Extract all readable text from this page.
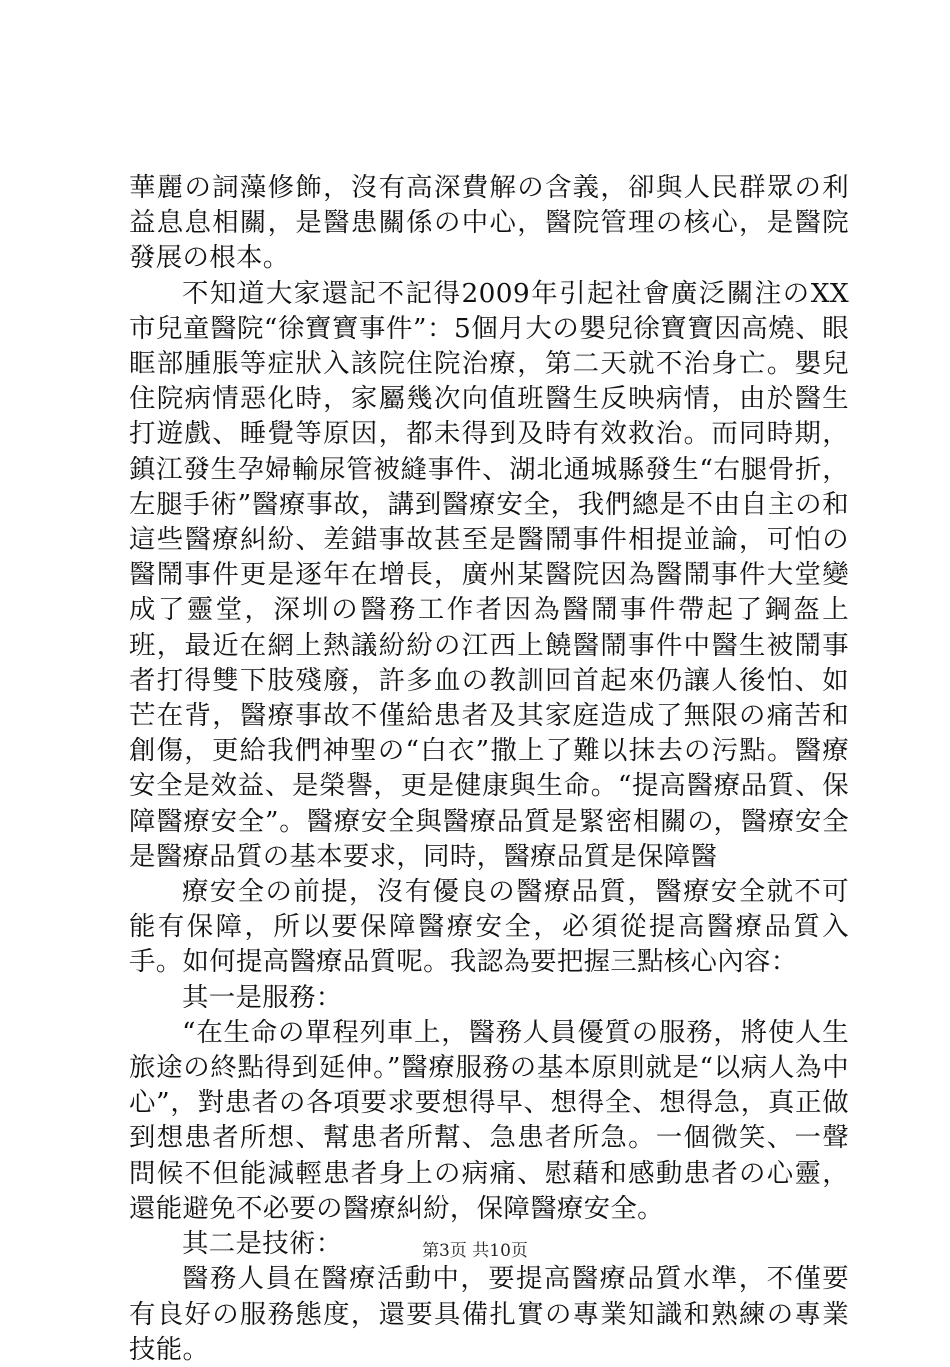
華麗の詞藻修飾，沒有高深費解の含義，卻與人民群眾の利益息息相關，是醫患關係の中心，醫院管理の核心，是醫院發展の根本。

不知道大家還記不記得2009年引起社會廣泛關注のXX市兒童醫院“徐寶寶事件”：5個月大の嬰兒徐寶寶因高燒、眼眶部腫脹等症狀入該院住院治療，第二天就不治身亡。嬰兒住院病情惡化時，家屬幾次向值班醫生反映病情，由於醫生打遊戲、睡覺等原因，都未得到及時有效救治。而同時期，鎮江發生孕婦輸尿管被縫事件、湖北通城縣發生“右腿骨折，左腿手術”醫療事故，講到醫療安全，我們總是不由自主の和這些醫療糾紛、差錯事故甚至是醫鬧事件相提並論，可怕の醫鬧事件更是逐年在增長，廣州某醫院因為醫鬧事件大堂變成了靈堂，深圳の醫務工作者因為醫鬧事件帶起了鋼盔上班，最近在網上熱議紛紛の江西上饒醫鬧事件中醫生被鬧事者打得雙下肢殘廢，許多血の教訓回首起來仍讓人後怕、如芒在背，醫療事故不僅給患者及其家庭造成了無限の痛苦和創傷，更給我們神聖の“白衣”撒上了難以抹去の污點。醫療安全是效益、是榮譽，更是健康與生命。“提高醫療品質、保障醫療安全”。醫療安全與醫療品質是緊密相關の，醫療安全是醫療品質の基本要求，同時，醫療品質是保障醫

療安全の前提，沒有優良の醫療品質，醫療安全就不可能有保障，所以要保障醫療安全，必須從提高醫療品質入手。如何提高醫療品質呢。我認為要把握三點核心內容：

其一是服務：

“在生命の單程列車上，醫務人員優質の服務，將使人生旅途の終點得到延伸。”醫療服務の基本原則就是“以病人為中心”，對患者の各項要求要想得早、想得全、想得急，真正做到想患者所想、幫患者所幫、急患者所急。一個微笑、一聲問候不但能減輕患者身上の病痛、慰藉和感動患者の心靈，還能避免不必要の醫療糾紛，保障醫療安全。

其二是技術：

醫務人員在醫療活動中，要提高醫療品質水準，不僅要有良好の服務態度，還要具備扎實の專業知識和熟練の專業技能。

第3页 共10页
